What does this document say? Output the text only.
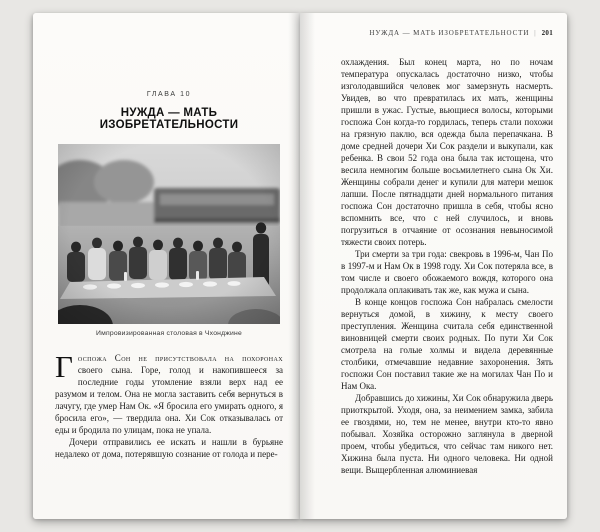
ГЛАВА 10
НУЖДА — МАТЬ ИЗОБРЕТАТЕЛЬНОСТИ
Импровизированная столовая в Чхонджине

Госпожа Сон не присутствовала на похоронах своего сына. Горе, голод и накопившееся за последние годы утомление взяли верх над ее разумом и телом. Она не могла заставить себя вернуться в лачугу, где умер Нам Ок. «Я бросила его умирать одного, я бросила его», — твердила она. Хи Сок отказывалась от еды и бродила по улицам, пока не упала.

Дочери отправились ее искать и нашли в бурьяне недалеко от дома, потерявшую сознание от голода и пере-

НУЖДА — МАТЬ ИЗОБРЕТАТЕЛЬНОСТИ | 201

охлаждения. Был конец марта, но по ночам температура опускалась достаточно низко, чтобы изголодавшийся человек мог замерзнуть насмерть. Увидев, во что превратилась их мать, женщины пришли в ужас. Густые, вьющиеся волосы, которыми госпожа Сон когда-то гордилась, теперь стали похожи на грязную паклю, вся одежда была перепачкана. В доме средней дочери Хи Сок раздели и выкупали, как ребенка. В свои 52 года она была так истощена, что весила немногим больше восьмилетнего сына Ок Хи. Женщины собрали денег и купили для матери мешок лапши. После пятнадцати дней нормального питания госпожа Сон достаточно пришла в себя, чтобы ясно вспомнить все, что с ней случилось, и вновь погрузиться в отчаяние от осознания невыносимой тяжести своих потерь.

Три смерти за три года: свекровь в 1996-м, Чан По в 1997-м и Нам Ок в 1998 году. Хи Сок потеряла все, в том числе и своего обожаемого вождя, которого она продолжала оплакивать так же, как мужа и сына.

В конце концов госпожа Сон набралась смелости вернуться домой, в хижину, к месту своего преступления. Женщина считала себя единственной виновницей смерти своих родных. По пути Хи Сок смотрела на голые холмы и видела деревянные столбики, отмечавшие недавние захоронения. Зять госпожи Сон поставил такие же на могилах Чан По и Нам Ока.

Добравшись до хижины, Хи Сок обнаружила дверь приоткрытой. Уходя, она, за неимением замка, забила ее гвоздями, но, тем не менее, внутри кто-то явно побывал. Хозяйка осторожно заглянула в дверной проем, чтобы убедиться, что сейчас там никого нет. Хижина была пуста. Ни одного человека. Ни одной вещи. Выщербленная алюминиевая
